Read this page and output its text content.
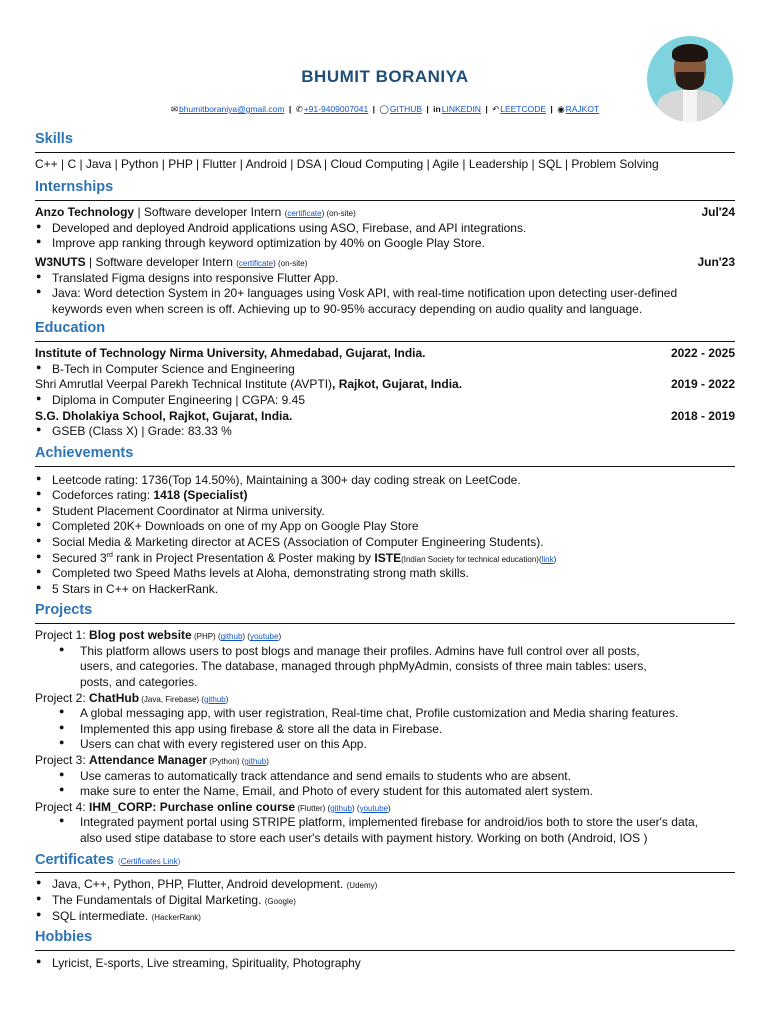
BHUMIT BORANIYA
✉bhumitboraniya@gmail.com | ✆+91-9409007041 | ◯GITHUB | inLINKEDIN | ↶LEETCODE | ◉RAJKOT
Skills
C++ | C | Java | Python | PHP | Flutter | Android | DSA | Cloud Computing | Agile | Leadership | SQL | Problem Solving
Internships
Anzo Technology | Software developer Intern (certificate) (on-site)	Jul'24
● Developed and deployed Android applications using ASO, Firebase, and API integrations.
● Improve app ranking through keyword optimization by 40% on Google Play Store.
W3NUTS | Software developer Intern (certificate) (on-site)	Jun'23
● Translated Figma designs into responsive Flutter App.
● Java: Word detection System in 20+ languages using Vosk API, with real-time notification upon detecting user-defined
keywords even when screen is off. Achieving up to 90-95% accuracy depending on audio quality and language.
Education
Institute of Technology Nirma University, Ahmedabad, Gujarat, India.	2022 - 2025
● B-Tech in Computer Science and Engineering
Shri Amrutlal Veerpal Parekh Technical Institute (AVPTI), Rajkot, Gujarat, India.	2019 - 2022
● Diploma in Computer Engineering | CGPA: 9.45
S.G. Dholakiya School, Rajkot, Gujarat, India.	2018 - 2019
● GSEB (Class X) | Grade: 83.33 %
Achievements
● Leetcode rating: 1736(Top 14.50%), Maintaining a 300+ day coding streak on LeetCode.
● Codeforces rating: 1418 (Specialist)
● Student Placement Coordinator at Nirma university.
● Completed 20K+ Downloads on one of my App on Google Play Store
● Social Media & Marketing director at ACES (Association of Computer Engineering Students).
● Secured 3rd rank in Project Presentation & Poster making by ISTE(Indian Society for technical education)(link)
● Completed two Speed Maths levels at Aloha, demonstrating strong math skills.
● 5 Stars in C++ on HackerRank.
Projects
Project 1: Blog post website (PHP) (github) (youtube)
● This platform allows users to post blogs and manage their profiles. Admins have full control over all posts,
users, and categories. The database, managed through phpMyAdmin, consists of three main tables: users,
posts, and categories.
Project 2: ChatHub (Java, Firebase) (github)
● A global messaging app, with user registration, Real-time chat, Profile customization and Media sharing features.
● Implemented this app using firebase & store all the data in Firebase.
● Users can chat with every registered user on this App.
Project 3: Attendance Manager (Python) (github)
● Use cameras to automatically track attendance and send emails to students who are absent.
● make sure to enter the Name, Email, and Photo of every student for this automated alert system.
Project 4: IHM_CORP: Purchase online course (Flutter) (github) (youtube)
● Integrated payment portal using STRIPE platform, implemented firebase for android/ios both to store the user's data,
also used stipe database to store each user's details with payment history. Working on both (Android, IOS )
Certificates (Certificates Link)
● Java, C++, Python, PHP, Flutter, Android development. (Udemy)
● The Fundamentals of Digital Marketing. (Google)
● SQL intermediate. (HackerRank)
Hobbies
● Lyricist, E-sports, Live streaming, Spirituality, Photography
